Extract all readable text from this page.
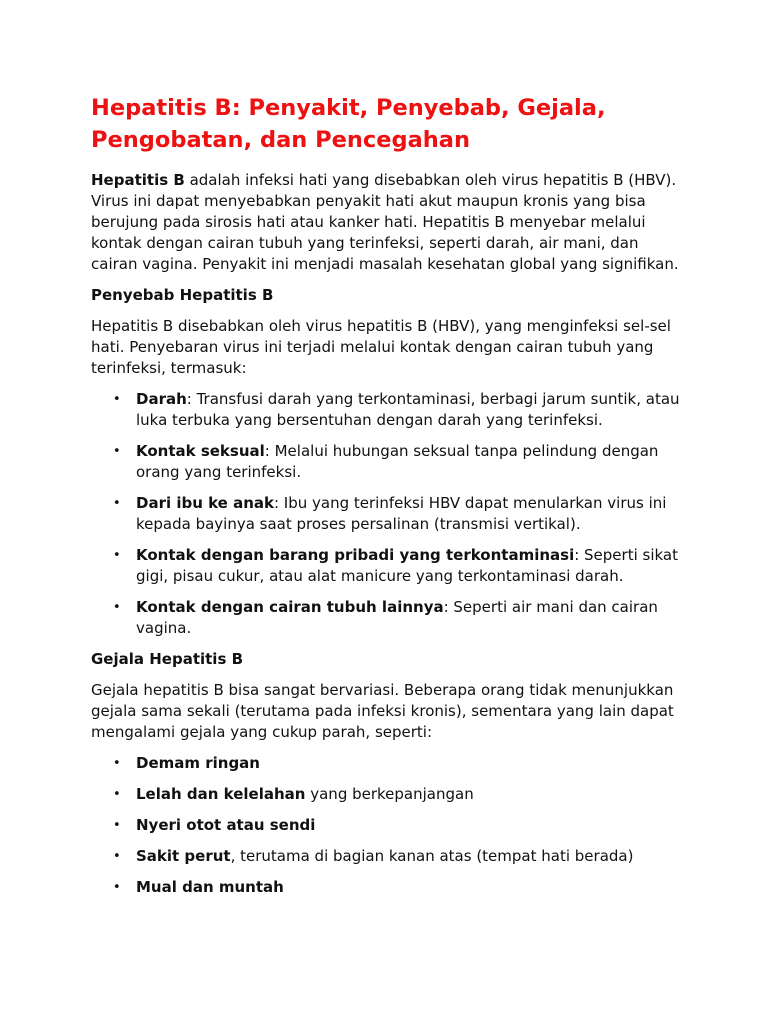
Hepatitis B: Penyakit, Penyebab, Gejala, Pengobatan, dan Pencegahan

Hepatitis B adalah infeksi hati yang disebabkan oleh virus hepatitis B (HBV). Virus ini dapat menyebabkan penyakit hati akut maupun kronis yang bisa berujung pada sirosis hati atau kanker hati. Hepatitis B menyebar melalui kontak dengan cairan tubuh yang terinfeksi, seperti darah, air mani, dan cairan vagina. Penyakit ini menjadi masalah kesehatan global yang signifikan.

Penyebab Hepatitis B

Hepatitis B disebabkan oleh virus hepatitis B (HBV), yang menginfeksi sel-sel hati. Penyebaran virus ini terjadi melalui kontak dengan cairan tubuh yang terinfeksi, termasuk:

• Darah: Transfusi darah yang terkontaminasi, berbagi jarum suntik, atau luka terbuka yang bersentuhan dengan darah yang terinfeksi.
• Kontak seksual: Melalui hubungan seksual tanpa pelindung dengan orang yang terinfeksi.
• Dari ibu ke anak: Ibu yang terinfeksi HBV dapat menularkan virus ini kepada bayinya saat proses persalinan (transmisi vertikal).
• Kontak dengan barang pribadi yang terkontaminasi: Seperti sikat gigi, pisau cukur, atau alat manicure yang terkontaminasi darah.
• Kontak dengan cairan tubuh lainnya: Seperti air mani dan cairan vagina.
Gejala Hepatitis B

Gejala hepatitis B bisa sangat bervariasi. Beberapa orang tidak menunjukkan gejala sama sekali (terutama pada infeksi kronis), sementara yang lain dapat mengalami gejala yang cukup parah, seperti:

• Demam ringan
• Lelah dan kelelahan yang berkepanjangan
• Nyeri otot atau sendi
• Sakit perut, terutama di bagian kanan atas (tempat hati berada)
• Mual dan muntah
